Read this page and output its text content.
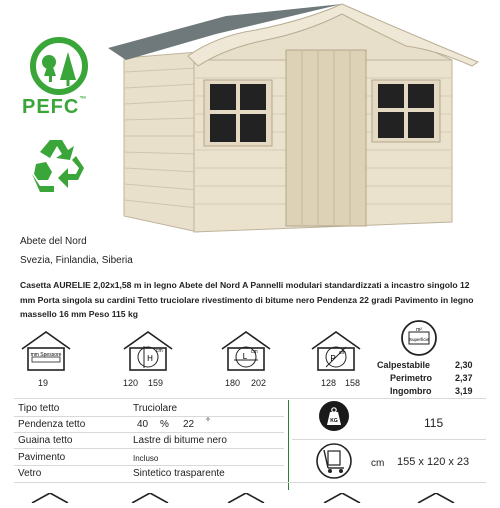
PEFC™
Abete del Nord
Svezia, Finlandia, Siberia
Casetta AURELIE 2,02x1,58 m in legno Abete del Nord A Pannelli modulari standardizzati a incastro singolo 12 mm Porta singola su cardini Tetto truciolare rivestimento di bitume nero Pendenza 22 gradi Pavimento in legno massello 16 mm Peso 115 kg
mm Spessore
19
H
cm
120 159
L cm
180 202
P
cm
128 158
m²
Superficie
Calpestabile	2,30
Perimetro	2,37
Ingombro	3,19
Tipo tetto	Truciolare
Pendenza tetto	40 % 22 °
Guaina tetto	Lastre di bitume nero
Pavimento	Incluso
Vetro	Sintetico trasparente
KG	115
cm 155 x 120 x 23
